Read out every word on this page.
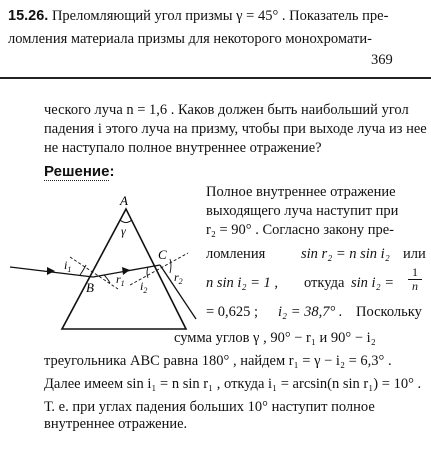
15.26. Преломляющий угол призмы γ = 45° . Показатель пре-
ломления материала призмы для некоторого монохромати-
369
ческого луча n = 1,6 . Каков должен быть наибольший угол
падения i этого луча на призму, чтобы при выходе луча из нее
не наступало полное внутреннее отражение?
Решение:
A
γ
B
C
$i_1$
$r_1$ $i_2$
$r_2$
Полное внутреннее отражение
выходящего луча наступит при
r₂ = 90° . Согласно закону пре-
ломления sin r₂ = n sin i₂ или
n sin i₂ = 1 , откуда $\sin i_2 = \frac{1}{n}$
= 0,625 ; i₂ = 38,7° . Поскольку
сумма углов γ , 90° − r₁ и 90° − i₂
треугольника ABC равна 180° , найдем r₁ = γ − i₂ = 6,3° .
Далее имеем sin i₁ = n sin r₁ , откуда i₁ = arcsin(n sin r₁) = 10° .
Т. е. при углах падения больших 10° наступит полное
внутреннее отражение.
